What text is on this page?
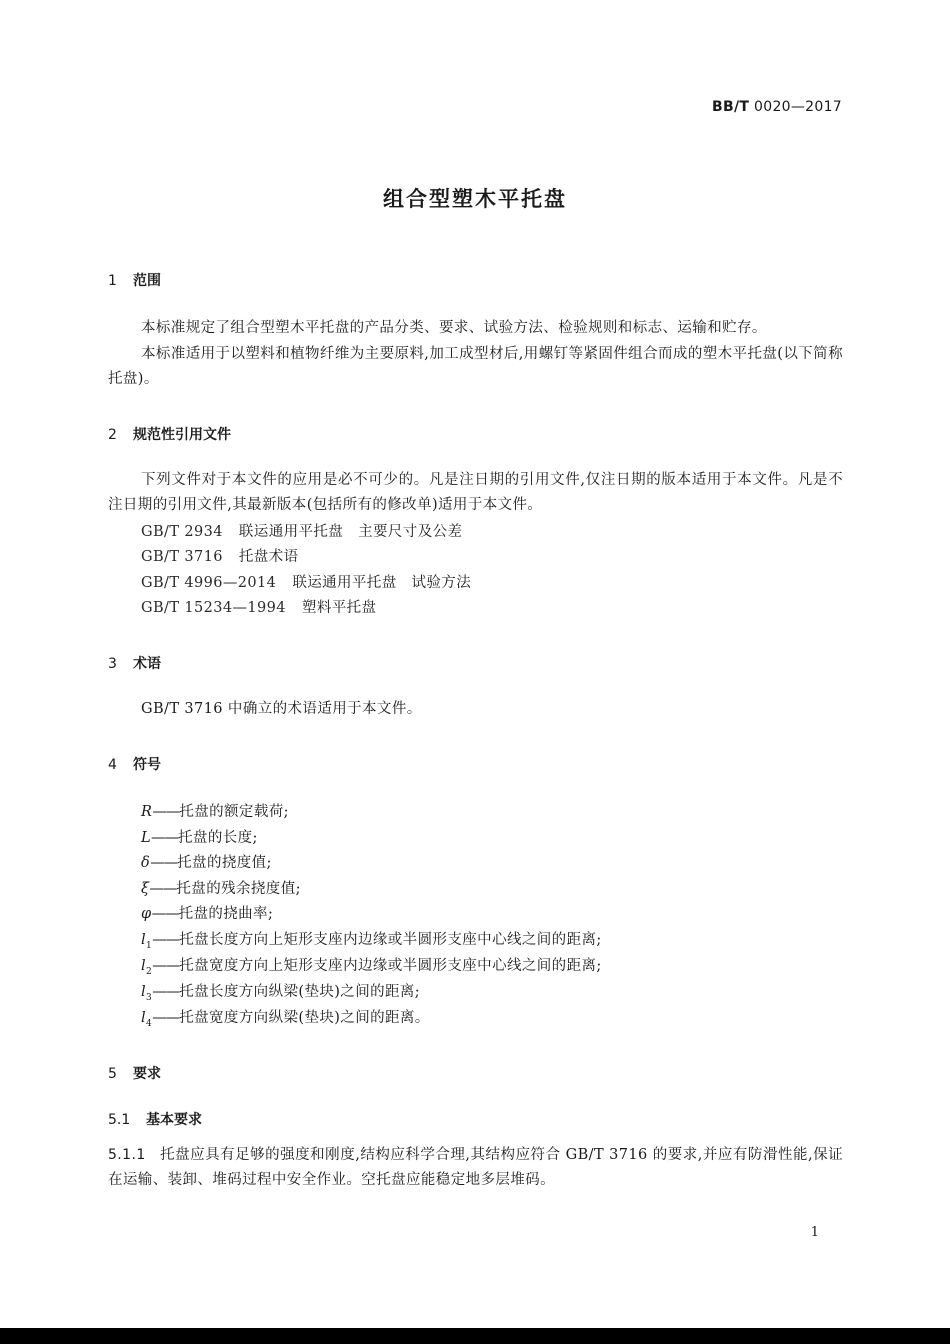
BB/T 0020—2017
组合型塑木平托盘
1 范围
本标准规定了组合型塑木平托盘的产品分类、要求、试验方法、检验规则和标志、运输和贮存。
本标准适用于以塑料和植物纤维为主要原料,加工成型材后,用螺钉等紧固件组合而成的塑木平托盘(以下简称托盘)。
2 规范性引用文件
下列文件对于本文件的应用是必不可少的。凡是注日期的引用文件,仅注日期的版本适用于本文件。凡是不注日期的引用文件,其最新版本(包括所有的修改单)适用于本文件。
GB/T 2934 联运通用平托盘　主要尺寸及公差
GB/T 3716 托盘术语
GB/T 4996—2014 联运通用平托盘　试验方法
GB/T 15234—1994 塑料平托盘
3 术语
GB/T 3716 中确立的术语适用于本文件。
4 符号
R——托盘的额定载荷;
L——托盘的长度;
δ——托盘的挠度值;
ξ——托盘的残余挠度值;
φ——托盘的挠曲率;
$l_1——$托盘长度方向上矩形支座内边缘或半圆形支座中心线之间的距离;
$l_2——$托盘宽度方向上矩形支座内边缘或半圆形支座中心线之间的距离;
$l_3——$托盘长度方向纵梁(垫块)之间的距离;
$l_4——$托盘宽度方向纵梁(垫块)之间的距离。
5 要求
5.1 基本要求
5.1.1 托盘应具有足够的强度和刚度,结构应科学合理,其结构应符合 GB/T 3716 的要求,并应有防滑性能,保证在运输、装卸、堆码过程中安全作业。空托盘应能稳定地多层堆码。
1
